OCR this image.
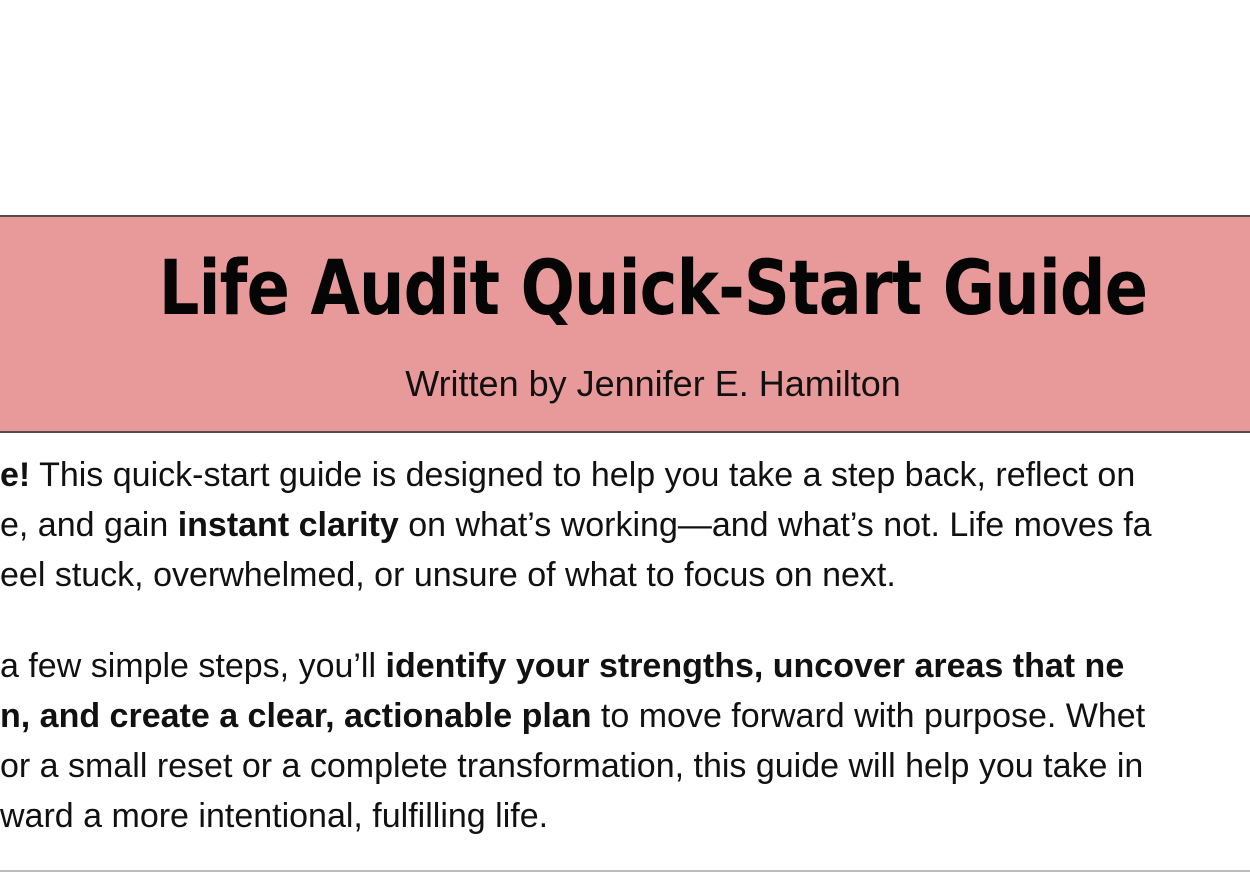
Life Audit Quick-Start Guide
Written by Jennifer E. Hamilton
e! This quick-start guide is designed to help you take a step back, reflect on
e, and gain instant clarity on what’s working—and what’s not. Life moves fa
eel stuck, overwhelmed, or unsure of what to focus on next.
a few simple steps, you’ll identify your strengths, uncover areas that ne
n, and create a clear, actionable plan to move forward with purpose. Whet
or a small reset or a complete transformation, this guide will help you take in
ward a more intentional, fulfilling life.
